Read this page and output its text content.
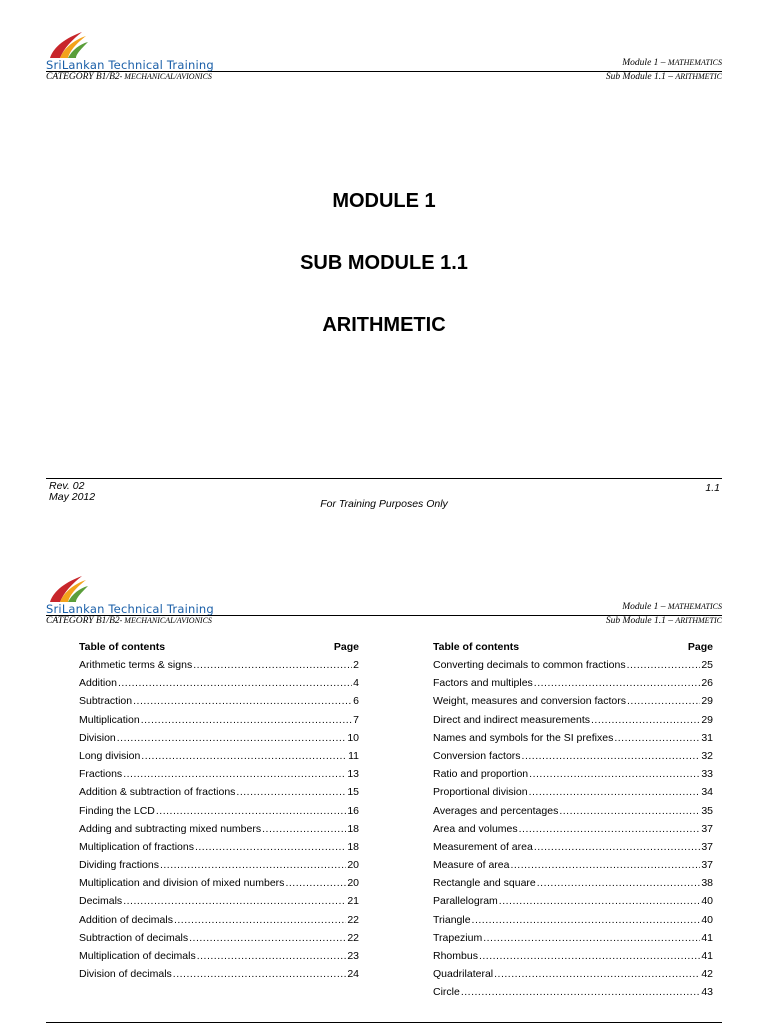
SriLankan Technical Training	Module 1 – MATHEMATICS
CATEGORY B1/B2- MECHANICAL/AVIONICS	Sub Module 1.1 – ARITHMETIC
MODULE 1
SUB MODULE 1.1
ARITHMETIC
Rev. 02
May 2012
1.1
For Training Purposes Only
SriLankan Technical Training	Module 1 – MATHEMATICS
CATEGORY B1/B2- MECHANICAL/AVIONICS	Sub Module 1.1 – ARITHMETIC
Table of contents	Page
Arithmetic terms & signs .....	2
Addition .....	4
Subtraction .....	6
Multiplication .....	7
Division .....	10
Long division .....	11
Fractions .....	13
Addition & subtraction of fractions .....	15
Finding the LCD .....	16
Adding and subtracting mixed numbers .....	18
Multiplication of fractions .....	18
Dividing fractions .....	20
Multiplication and division of mixed numbers .....	20
Decimals .....	21
Addition of decimals .....	22
Subtraction of decimals .....	22
Multiplication of decimals .....	23
Division of decimals .....	24
Table of contents	Page
Converting decimals to common fractions .....	25
Factors and multiples .....	26
Weight, measures and conversion factors .....	29
Direct and indirect measurements .....	29
Names and symbols for the SI prefixes .....	31
Conversion factors .....	32
Ratio and proportion .....	33
Proportional division .....	34
Averages and percentages .....	35
Area and volumes .....	37
Measurement of area .....	37
Measure of area .....	37
Rectangle and square .....	38
Parallelogram .....	40
Triangle .....	40
Trapezium .....	41
Rhombus .....	41
Quadrilateral .....	42
Circle .....	43
